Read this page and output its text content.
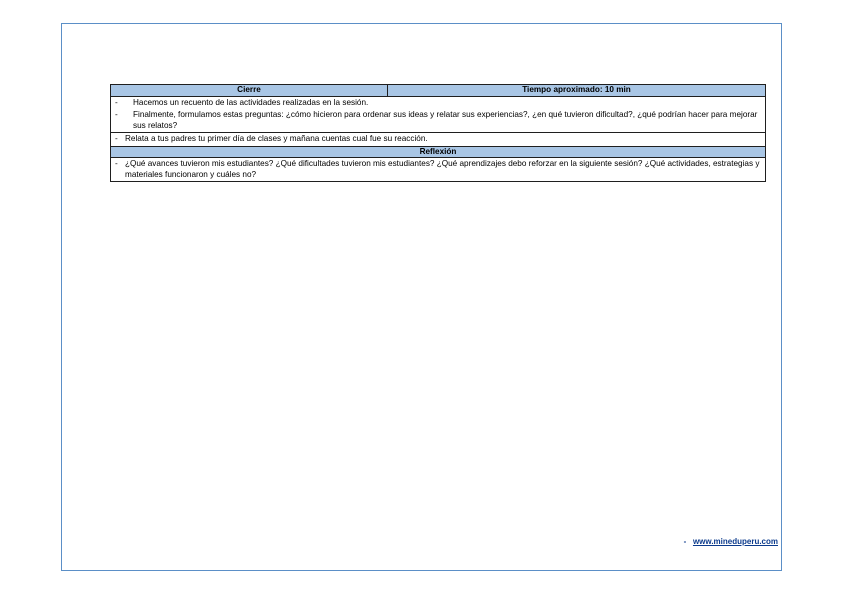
Cierre	Tiempo aproximado: 10 min

-	Hacemos un recuento de las actividades realizadas en la sesión.
-	Finalmente, formulamos estas preguntas: ¿cómo hicieron para ordenar sus ideas y relatar sus experiencias?, ¿en qué tuvieron dificultad?, ¿qué podrían hacer para mejorar sus relatos?

- Relata a tus padres tu primer día de clases y mañana cuentas cual fue su reacción.

Reflexión

- ¿Qué avances tuvieron mis estudiantes? ¿Qué dificultades tuvieron mis estudiantes? ¿Qué aprendizajes debo reforzar en la siguiente sesión? ¿Qué actividades, estrategias y materiales funcionaron y cuáles no?
- www.mineduperu.com
